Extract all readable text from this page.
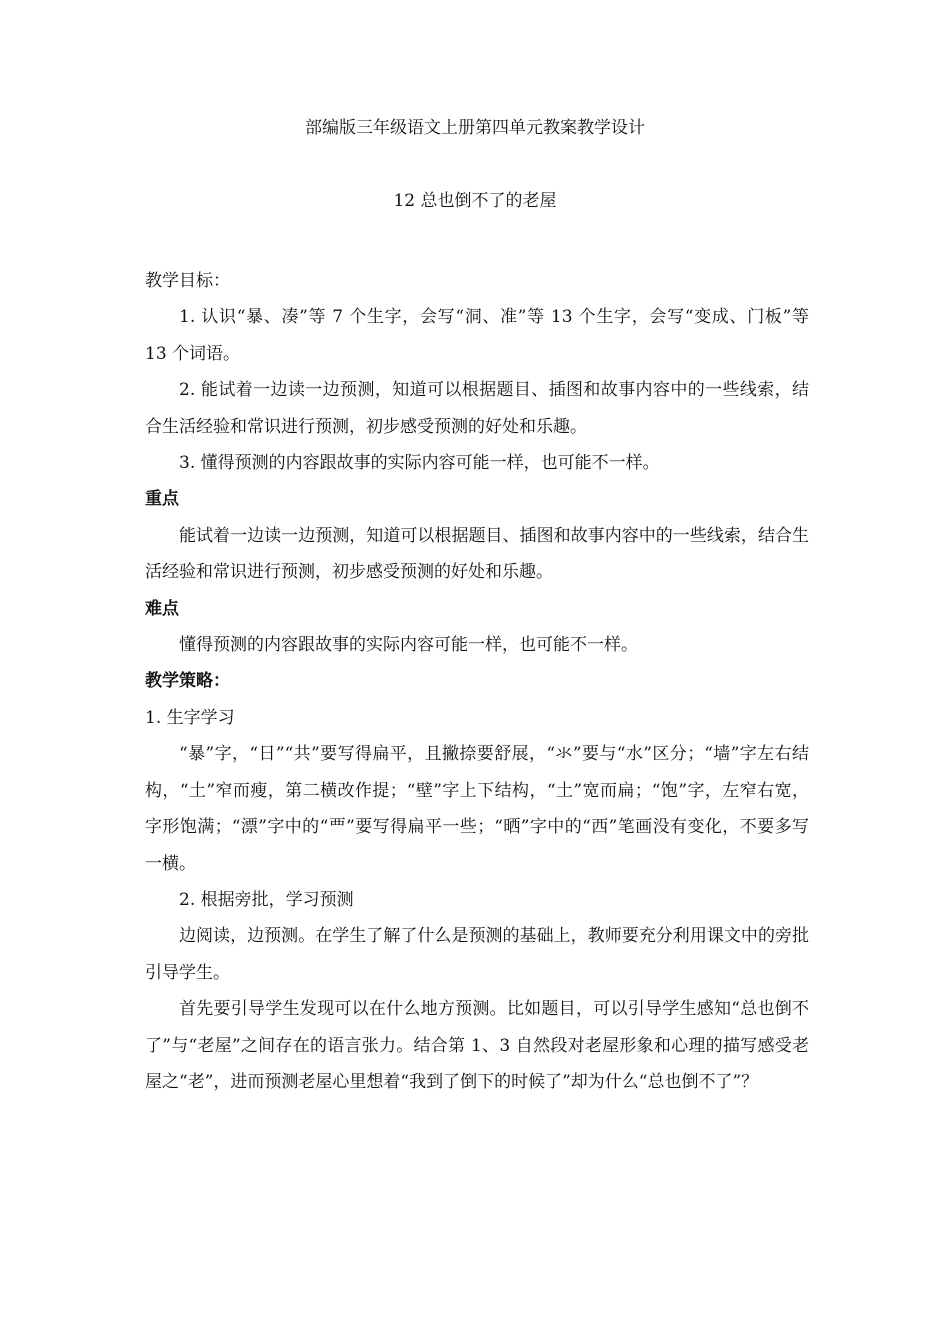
部编版三年级语文上册第四单元教案教学设计
12 总也倒不了的老屋

教学目标：

1. 认识“暴、凑”等 7 个生字，会写“洞、准”等 13 个生字，会写“变成、门板”等 13 个词语。

2. 能试着一边读一边预测，知道可以根据题目、插图和故事内容中的一些线索，结合生活经验和常识进行预测，初步感受预测的好处和乐趣。

3. 懂得预测的内容跟故事的实际内容可能一样，也可能不一样。

重点

能试着一边读一边预测，知道可以根据题目、插图和故事内容中的一些线索，结合生活经验和常识进行预测，初步感受预测的好处和乐趣。

难点

懂得预测的内容跟故事的实际内容可能一样，也可能不一样。

教学策略：

1. 生字学习

“暴”字，“日”“共”要写得扁平，且撇捺要舒展，“氺”要与“水”区分；“墙”字左右结构，“土”窄而瘦，第二横改作提；“壁”字上下结构，“土”宽而扁；“饱”字，左窄右宽，字形饱满；“漂”字中的“覀”要写得扁平一些；“晒”字中的“西”笔画没有变化，不要多写一横。

2. 根据旁批，学习预测

边阅读，边预测。在学生了解了什么是预测的基础上，教师要充分利用课文中的旁批引导学生。

首先要引导学生发现可以在什么地方预测。比如题目，可以引导学生感知“总也倒不了”与“老屋”之间存在的语言张力。结合第 1、3 自然段对老屋形象和心理的描写感受老屋之“老”，进而预测老屋心里想着“我到了倒下的时候了”却为什么“总也倒不了”？
